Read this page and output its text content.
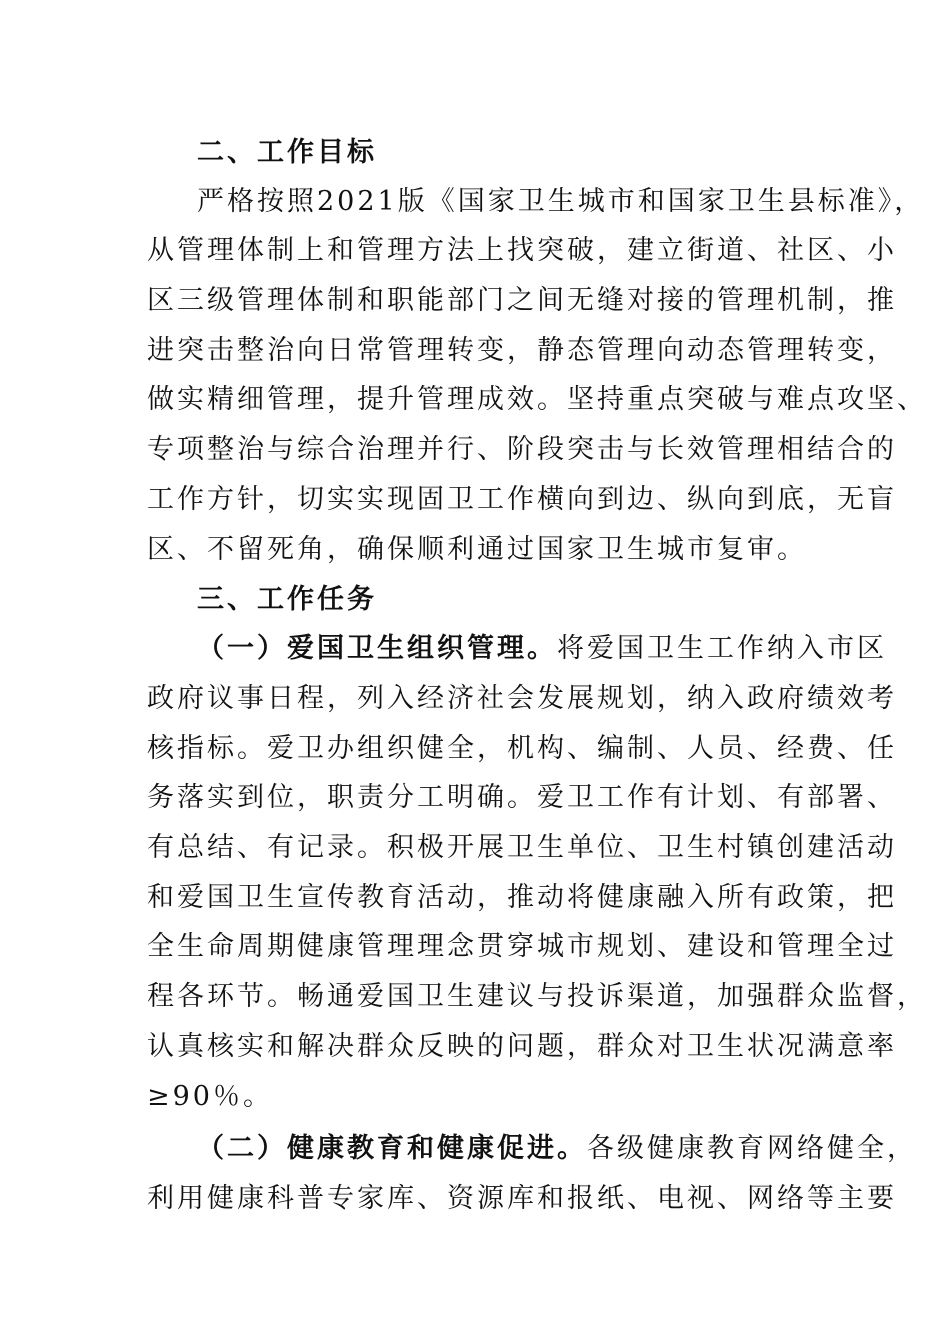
二、工作目标
严格按照2021版《国家卫生城市和国家卫生县标准》，
从管理体制上和管理方法上找突破，建立街道、社区、小
区三级管理体制和职能部门之间无缝对接的管理机制，推
进突击整治向日常管理转变，静态管理向动态管理转变，
做实精细管理，提升管理成效。坚持重点突破与难点攻坚、
专项整治与综合治理并行、阶段突击与长效管理相结合的
工作方针，切实实现固卫工作横向到边、纵向到底，无盲
区、不留死角，确保顺利通过国家卫生城市复审。
三、工作任务
（一）爱国卫生组织管理。将爱国卫生工作纳入市区
政府议事日程，列入经济社会发展规划，纳入政府绩效考
核指标。爱卫办组织健全，机构、编制、人员、经费、任
务落实到位，职责分工明确。爱卫工作有计划、有部署、
有总结、有记录。积极开展卫生单位、卫生村镇创建活动
和爱国卫生宣传教育活动，推动将健康融入所有政策，把
全生命周期健康管理理念贯穿城市规划、建设和管理全过
程各环节。畅通爱国卫生建议与投诉渠道，加强群众监督，
认真核实和解决群众反映的问题，群众对卫生状况满意率
≥90％。
（二）健康教育和健康促进。各级健康教育网络健全，
利用健康科普专家库、资源库和报纸、电视、网络等主要
